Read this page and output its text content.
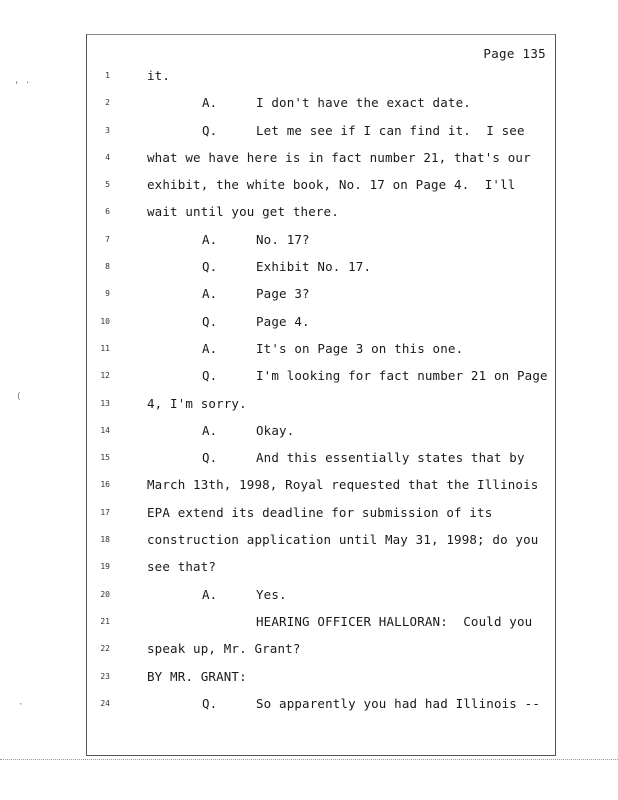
Page 135
1	it.
2	A.	I don't have the exact date.
3	Q.	Let me see if I can find it.  I see
4	what we have here is in fact number 21, that's our
5	exhibit, the white book, No. 17 on Page 4.  I'll
6	wait until you get there.
7	A.	No. 17?
8	Q.	Exhibit No. 17.
9	A.	Page 3?
10	Q.	Page 4.
11	A.	It's on Page 3 on this one.
12	Q.	I'm looking for fact number 21 on Page
13	4, I'm sorry.
14	A.	Okay.
15	Q.	And this essentially states that by
16	March 13th, 1998, Royal requested that the Illinois
17	EPA extend its deadline for submission of its
18	construction application until May 31, 1998; do you
19	see that?
20	A.	Yes.
21	HEARING OFFICER HALLORAN:  Could you
22	speak up, Mr. Grant?
23	BY MR. GRANT:
24	Q.	So apparently you had had Illinois --
, .
(
·
